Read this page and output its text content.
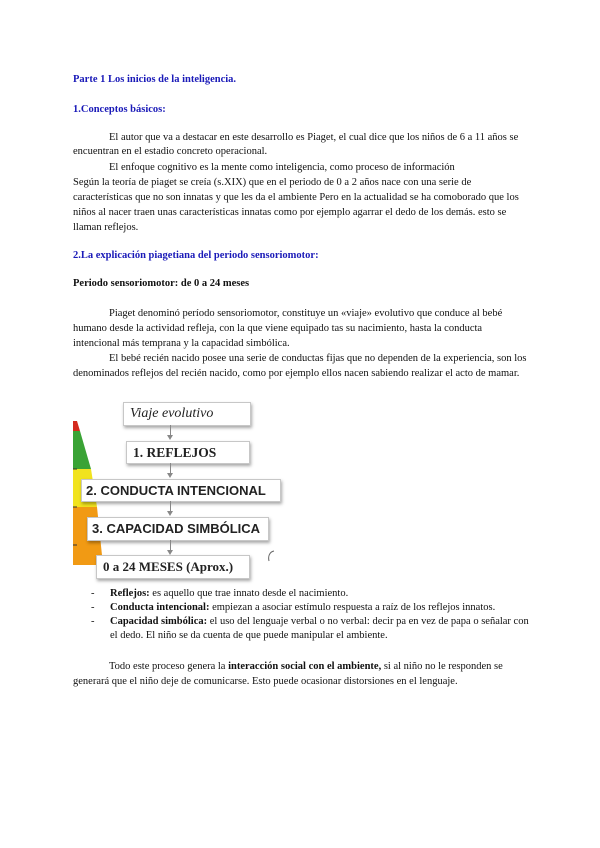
Parte 1 Los inicios de la inteligencia.
1.Conceptos básicos:
El autor que va a destacar en este desarrollo es Piaget, el cual dice que los niños de 6 a 11 años se
encuentran en el estadio concreto operacional.
El enfoque cognitivo es la mente como inteligencia, como proceso de información
Según la teoría de piaget se creía (s.XIX) que en el periodo de 0 a 2 años nace con una serie de
características que no son innatas y que les da el ambiente Pero en la actualidad se ha comoborado que los
niños al nacer traen unas características innatas como por ejemplo agarrar el dedo de los demás. esto se
llaman reflejos.
2.La explicación piagetiana del periodo sensoriomotor:
Periodo sensoriomotor: de 0 a 24 meses
Piaget denominó período sensoriomotor, constituye un «viaje» evolutivo que conduce al bebé
humano desde la actividad refleja, con la que viene equipado tas su nacimiento, hasta la conducta
intencional más temprana y la capacidad simbólica.
El bebé recién nacido posee una serie de conductas fijas que no dependen de la experiencia, son los
denominados reflejos del recién nacido, como por ejemplo ellos nacen sabiendo realizar el acto de mamar.
Viaje evolutivo
1. REFLEJOS
2. CONDUCTA INTENCIONAL
3. CAPACIDAD SIMBÓLICA
0 a 24 MESES (Aprox.)
- Reflejos: es aquello que trae innato desde el nacimiento.
- Conducta intencional: empiezan a asociar estímulo respuesta a raíz de los reflejos innatos.
- Capacidad simbólica: el uso del lenguaje verbal o no verbal: decir pa en vez de papa o señalar con
el dedo. El niño se da cuenta de que puede manipular el ambiente.
Todo este proceso genera la interacción social con el ambiente, si al niño no le responden se
generará que el niño deje de comunicarse. Esto puede ocasionar distorsiones en el lenguaje.
